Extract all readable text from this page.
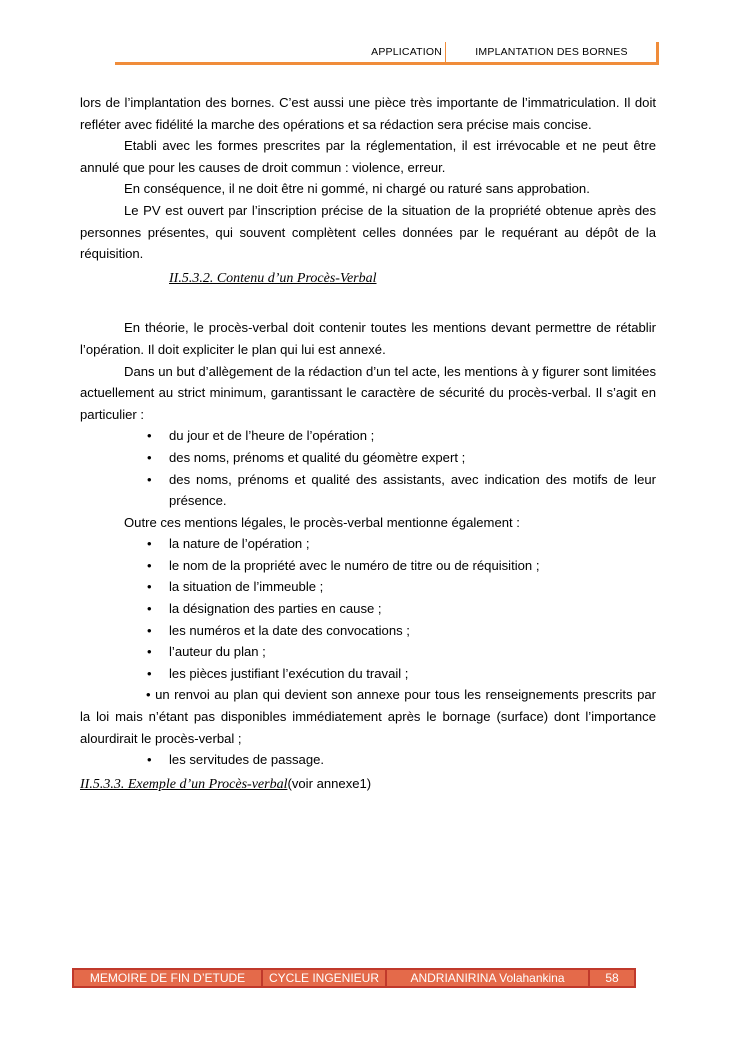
APPLICATION	IMPLANTATION DES BORNES

lors de l’implantation des bornes. C’est aussi une pièce très importante de l’immatriculation. Il doit refléter avec fidélité la marche des opérations et sa rédaction sera précise mais concise.

Etabli avec les formes prescrites par la réglementation, il est irrévocable et ne peut être annulé que pour les causes de droit commun : violence, erreur.

En conséquence, il ne doit être ni gommé, ni chargé ou raturé sans approbation.

Le PV est ouvert par l’inscription précise de la situation de la propriété obtenue après des personnes présentes, qui souvent complètent celles données par le requérant au dépôt de la réquisition.

II.5.3.2. Contenu d’un Procès-Verbal

En théorie, le procès-verbal doit contenir toutes les mentions devant permettre de rétablir l’opération. Il doit expliciter le plan qui lui est annexé.

Dans un but d’allègement de la rédaction d’un tel acte, les mentions à y figurer sont limitées actuellement au strict minimum, garantissant le caractère de sécurité du procès-verbal. Il s’agit en particulier :

• du jour et de l’heure de l’opération ;
• des noms, prénoms et qualité du géomètre expert ;
• des noms, prénoms et qualité des assistants, avec indication des motifs de leur présence.

Outre ces mentions légales, le procès-verbal mentionne également :

• la nature de l’opération ;
• le nom de la propriété avec le numéro de titre ou de réquisition ;
• la situation de l’immeuble ;
• la désignation des parties en cause ;
• les numéros et la date des convocations ;
• l’auteur du plan ;
• les pièces justifiant l’exécution du travail ;

• un renvoi au plan qui devient son annexe pour tous les renseignements prescrits par la loi mais n’étant pas disponibles immédiatement après le bornage (surface) dont l’importance alourdirait le procès-verbal ;

• les servitudes de passage.

II.5.3.3. Exemple d’un Procès-verbal(voir annexe1)

MEMOIRE DE FIN D’ETUDE	CYCLE INGENIEUR	ANDRIANIRINA Volahankina	58
